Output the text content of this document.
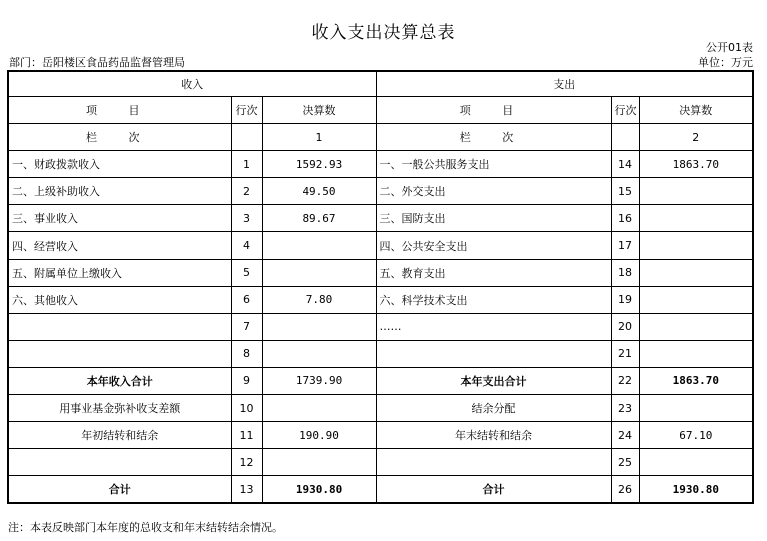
收入支出决算总表
公开01表
部门：岳阳楼区食品药品监督管理局	单位：万元
收入			支出		
项 目	行次	决算数	项 目	行次	决算数
栏 次		1	栏 次		2
一、财政拨款收入	1	1592.93	一、一般公共服务支出	14	1863.70
二、上级补助收入	2	49.50	二、外交支出	15	
三、事业收入	3	89.67	三、国防支出	16	
四、经营收入	4		四、公共安全支出	17	
五、附属单位上缴收入	5		五、教育支出	18	
六、其他收入	6	7.80	六、科学技术支出	19	
	7		……	20	
	8			21	
本年收入合计	9	1739.90	本年支出合计	22	1863.70
用事业基金弥补收支差额	10		结余分配	23	
年初结转和结余	11	190.90	年末结转和结余	24	67.10
	12			25	
合计	13	1930.80	合计	26	1930.80
注：本表反映部门本年度的总收支和年末结转结余情况。
